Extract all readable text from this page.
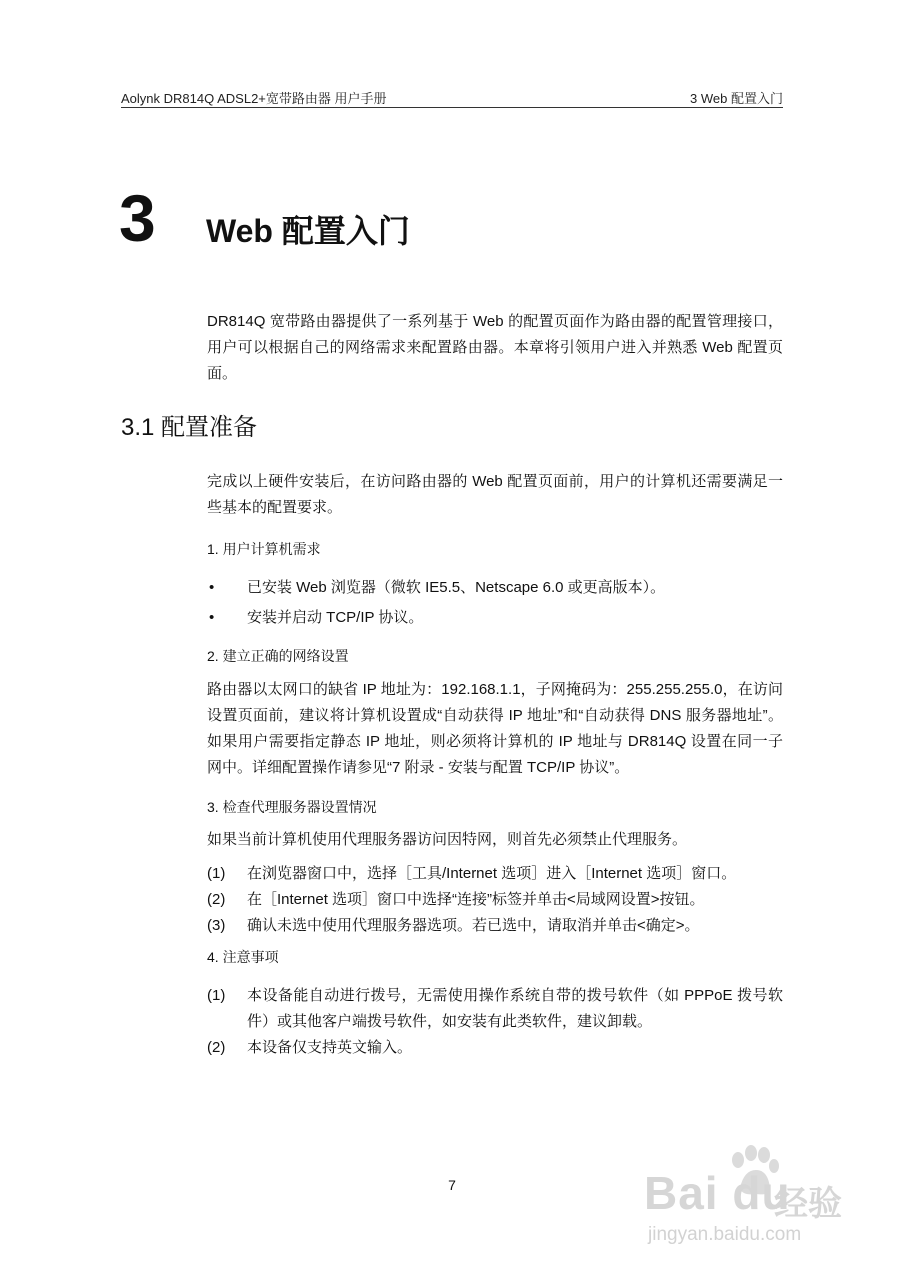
Aolynk DR814Q ADSL2+宽带路由器 用户手册	3 Web 配置入门
3 Web 配置入门
DR814Q 宽带路由器提供了一系列基于 Web 的配置页面作为路由器的配置管理接口，用户可以根据自己的网络需求来配置路由器。本章将引领用户进入并熟悉 Web 配置页面。
3.1 配置准备
完成以上硬件安装后，在访问路由器的 Web 配置页面前，用户的计算机还需要满足一些基本的配置要求。
1. 用户计算机需求
• 已安装 Web 浏览器（微软 IE5.5、Netscape 6.0 或更高版本）。
• 安装并启动 TCP/IP 协议。
2. 建立正确的网络设置
路由器以太网口的缺省 IP 地址为：192.168.1.1，子网掩码为：255.255.255.0，在访问设置页面前，建议将计算机设置成“自动获得 IP 地址”和“自动获得 DNS 服务器地址”。如果用户需要指定静态 IP 地址，则必须将计算机的 IP 地址与 DR814Q 设置在同一子网中。详细配置操作请参见“7 附录 - 安装与配置 TCP/IP 协议”。
3. 检查代理服务器设置情况
如果当前计算机使用代理服务器访问因特网，则首先必须禁止代理服务。
(1) 在浏览器窗口中，选择［工具/Internet 选项］进入［Internet 选项］窗口。
(2) 在［Internet 选项］窗口中选择“连接”标签并单击<局域网设置>按钮。
(3) 确认未选中使用代理服务器选项。若已选中，请取消并单击<确定>。
4. 注意事项
(1) 本设备能自动进行拨号，无需使用操作系统自带的拨号软件（如 PPPoE 拨号软件）或其他客户端拨号软件，如安装有此类软件，建议卸载。
(2) 本设备仅支持英文输入。
7	Bai du
经验
jingyan.baidu.com
